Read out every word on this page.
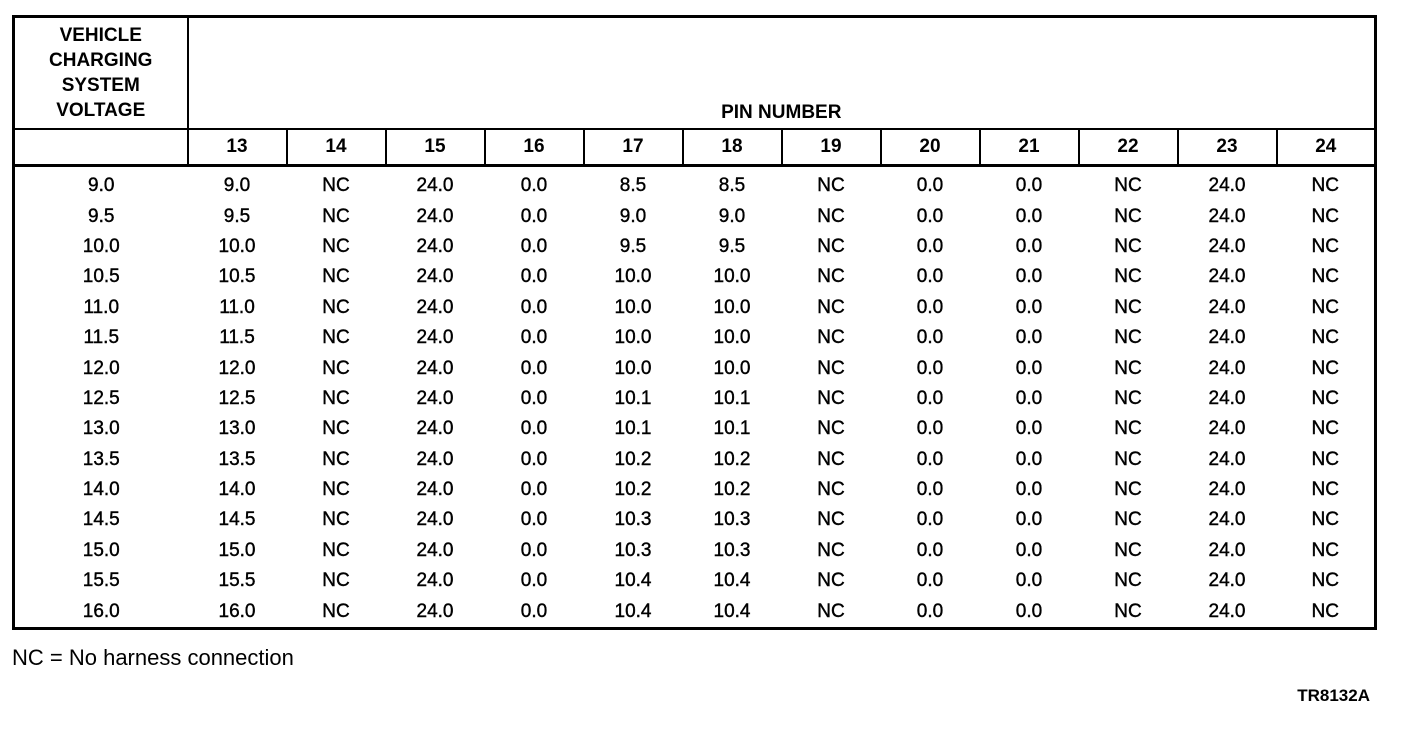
VEHICLE
CHARGING
SYSTEM
VOLTAGE	PIN NUMBER											
	13	14	15	16	17	18	19	20	21	22	23	24
9.0	9.0	NC	24.0	0.0	8.5	8.5	NC	0.0	0.0	NC	24.0	NC
9.5	9.5	NC	24.0	0.0	9.0	9.0	NC	0.0	0.0	NC	24.0	NC
10.0	10.0	NC	24.0	0.0	9.5	9.5	NC	0.0	0.0	NC	24.0	NC
10.5	10.5	NC	24.0	0.0	10.0	10.0	NC	0.0	0.0	NC	24.0	NC
11.0	11.0	NC	24.0	0.0	10.0	10.0	NC	0.0	0.0	NC	24.0	NC
11.5	11.5	NC	24.0	0.0	10.0	10.0	NC	0.0	0.0	NC	24.0	NC
12.0	12.0	NC	24.0	0.0	10.0	10.0	NC	0.0	0.0	NC	24.0	NC
12.5	12.5	NC	24.0	0.0	10.1	10.1	NC	0.0	0.0	NC	24.0	NC
13.0	13.0	NC	24.0	0.0	10.1	10.1	NC	0.0	0.0	NC	24.0	NC
13.5	13.5	NC	24.0	0.0	10.2	10.2	NC	0.0	0.0	NC	24.0	NC
14.0	14.0	NC	24.0	0.0	10.2	10.2	NC	0.0	0.0	NC	24.0	NC
14.5	14.5	NC	24.0	0.0	10.3	10.3	NC	0.0	0.0	NC	24.0	NC
15.0	15.0	NC	24.0	0.0	10.3	10.3	NC	0.0	0.0	NC	24.0	NC
15.5	15.5	NC	24.0	0.0	10.4	10.4	NC	0.0	0.0	NC	24.0	NC
16.0	16.0	NC	24.0	0.0	10.4	10.4	NC	0.0	0.0	NC	24.0	NC
NC = No harness connection
TR8132A
